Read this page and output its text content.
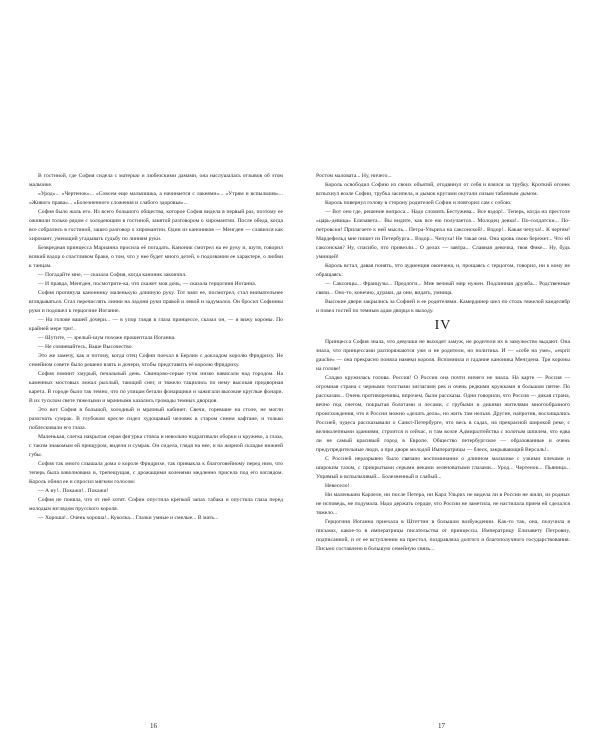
В гостиной, где София сидела с матерью и любезскими дамами, она наслушалась отзывов об этом мальчике.

«Урод»... «Чертенок»... «Совсем еще мальчишка, а начинается с лакеями»... «Утрям и вспыльчив»... «Живого права»... «Болезненного сложения и слабого здоровья»...

София было жаль его. Из всего большого общества, которое София видела в первый раз, поэтому ее оживили только рядом с холодеющим в гостиной, занятой разговором о хиромантии. После обеда, когда все собрались в гостиной, зашел разговор о хиромантии. Один из каноников — Менгден — славился как хиромант, умеющий угадывать судьбу по линиям руки.

Безвредная принцесса Марианна просила её погадать. Каноник смотрел на ее руку и, шутя, говорил всякий вздор о счастливом браке, о том, что у нее будет много детей, о подозвании ее характере, о любви к танцам.

— Погадайте мне, — сказала София, когда каноник закончил.

— И правда, Менгден, посмотрите-ка, что скажет моя дочь, — сказала герцогиня Иоганна.

София протянула каноннику маленькую длинную руку. Тот взял ее, посмотрел, стал внимательнее вглядываться. Стал перечислять линии на ладони руки правой и левой и задумался. Он бросил Софиины руки и подошел к герцогине Иоганне.

— На голове вашей дочери... — в упор глядя в глаза принцессе, сказал он, — я вижу короны. По крайней мере три!..

— Шутите, — зрелый-шум похоже прошептала Иоганна.

— Не сомневайтесь, Ваше Высочество.

Это же замечу, как и потому, когда отец Софии поехал в Берлин с докладом королю Фридриху. Не семейном совете было решено взять и дочери, чтобы представить её королю Фридриху.

София помнит хмурый, печальный день. Свинцово-серые тучи низко нависали над городом. На каменных мостовых лежал рыхлый, тающий снег, и тяжело тащились по нему высокая придворная карета. В городе было так темно, что по улицам бегали фонарщики и зажигали высокие круглые фонари. В их тусклом свете тяжелыми и мрачными казались громады темных дворцов.

Это вот София в большой, холодный и мрачный кабинет. Свечи, горевшие на столе, не могли разогнать сумрак. В глубоком кресле сидел худощавый человек в старом синем кафтане, и только поблескивали его глаза.

Маленькая, слегка накрытая серая фигурка стояла и невольно вздрагивали оборки и кружево, а глаза, с таким знакомым ей прищуром, видели и сумрак. Он сидела, глядя на нее, и на жирной складке нижней губы.

София так много слышала дома о короле Фридрихе, так привыкла к благоговейному перед ним, что теперь была взволнована и, трепещущая, с дрожащими коленями медленно присела под его взглядом. Король обнял ее и спросил мягким голосом:

— А ну!.. Покажи!.. Покажи!

София не поняла, что от неё хотят. Софии опустила крепкой запах табака и опустила глаза перед молодым взглядом прусского короля.

— Хороша!.. Очень хороша!.. Куколка... Глазки умные и смелые... В мать...

Ростом маловата... Ну, ничего...

Король освободил Софию из своих объятий, отодвинул от себя и взялся за трубку. Кроткий огонек вспыхнул возле Софии, трубка засипела, и дымок кругами окутали сизым табачным дымом.

Король повернул голову в сторону родителей Софии и повторил сам с собою:

— Вот оно где, решение вопроса... Надо сломить Бестужева... Все вздор!.. Теперь, когда на престоле «царь-девица» Елизавета... Вы видите, как все ею получается... Молодец девка!.. По-солдатски... По-петровски! Прилагаете к ней мысль... Петра-Ульриха на саксонской!.. Вздор!.. Какая чепуха!.. К чертям! Мардефельд мне пишет из Петербурга... Вздор... Чепуха! Не такая она. Она кровь свою бережет... Что ей саксонская? Ну, спасибо, что привезли... О делах — завтра... Славная девочка, твоя Фике... Ну, будь умницей!

Король встал, давая понять, что аудиенция окончена, и, прощаясь с герцогом, говорил, ни к кому не обращаясь:

— Саксонцы... Французы... Предлоги... Мне вечный мир нужен. Подлинная дружба... Родственные связи... Оно-то, конечно, дураки, да они, видать, умница.

Высокие двери закрылись за Софией и ее родителями. Камердинер шел по столь тяжелой канделябр и повел гостей по темным адам дворца к выходу.

IV

Принцесса София знала, что девушки не выходят замуж, не родители их в замужество выдают. Она знала, что принцессами распоряжаются уже и не родители, но политика. И — «себе на уме», «esprit gauche» — она прекрасно поняла намеки короля. Вспомнила и гадание каноника Менгдена. Три короны на голове!

Сладко кружилась голова. Россия! О России она почти ничего не знала. На карте — Россия — огромная страна с черными толстыми зигзагами рек и очень редкими кружками в большом пятне. По рассказам... Очень противоречивы, впрочем, были рассказы. Одни говорили, что Россия — дикая страна, вечно под снегом, покрытая болотами и лесами, с грубыми и дикими жителями многообразного происхождения, что в России можно «делать дела», но жить там нельзя. Другие, напротив, восхищались Россией, чудеса рассказывали о Санкт-Петербурге, что весь в садах, на прекрасной широкой реке, с великолепными зданиями, строится и сейчас, и там возле Адмиралтейства с золотым шпилем, что едва ли не самый красивый город в Европе. Общество петербургское — образованные и очень предупредительные люди, а при дворе молодой Императрицы — блеск, закрывающий Версаль!..

С Россией неразрывно было связано воспоминание о длинном мальчике с узкими плечами и широким тазом, с прикрытыми серыми веками зеленоватыми глазами... Урод... Чертенок... Пьяница... Упрямый и вспыльчивый... Болезненный и слабый...

Невесело!

Ни маленьким Карлеле, ни после Петера, ни Карл Ульрих не видела ли в России не жили, из родных не исповедь, не подумала. Надо держать сердце, что России не заметила, не настилала прием ей сделался тяжело...

Герцогиня Иоганна приехала в Штеттин в большом возбуждении. Как-то так, она, получила в письмах, какое-то в императрицы писательства от принцессы. Императрицу Елизавету Петровну, подписанной, и от ее вступлении на престол, поздравляла долгого и благополучного государствования. Письмо составлено в большую семейную связь...

16	17
